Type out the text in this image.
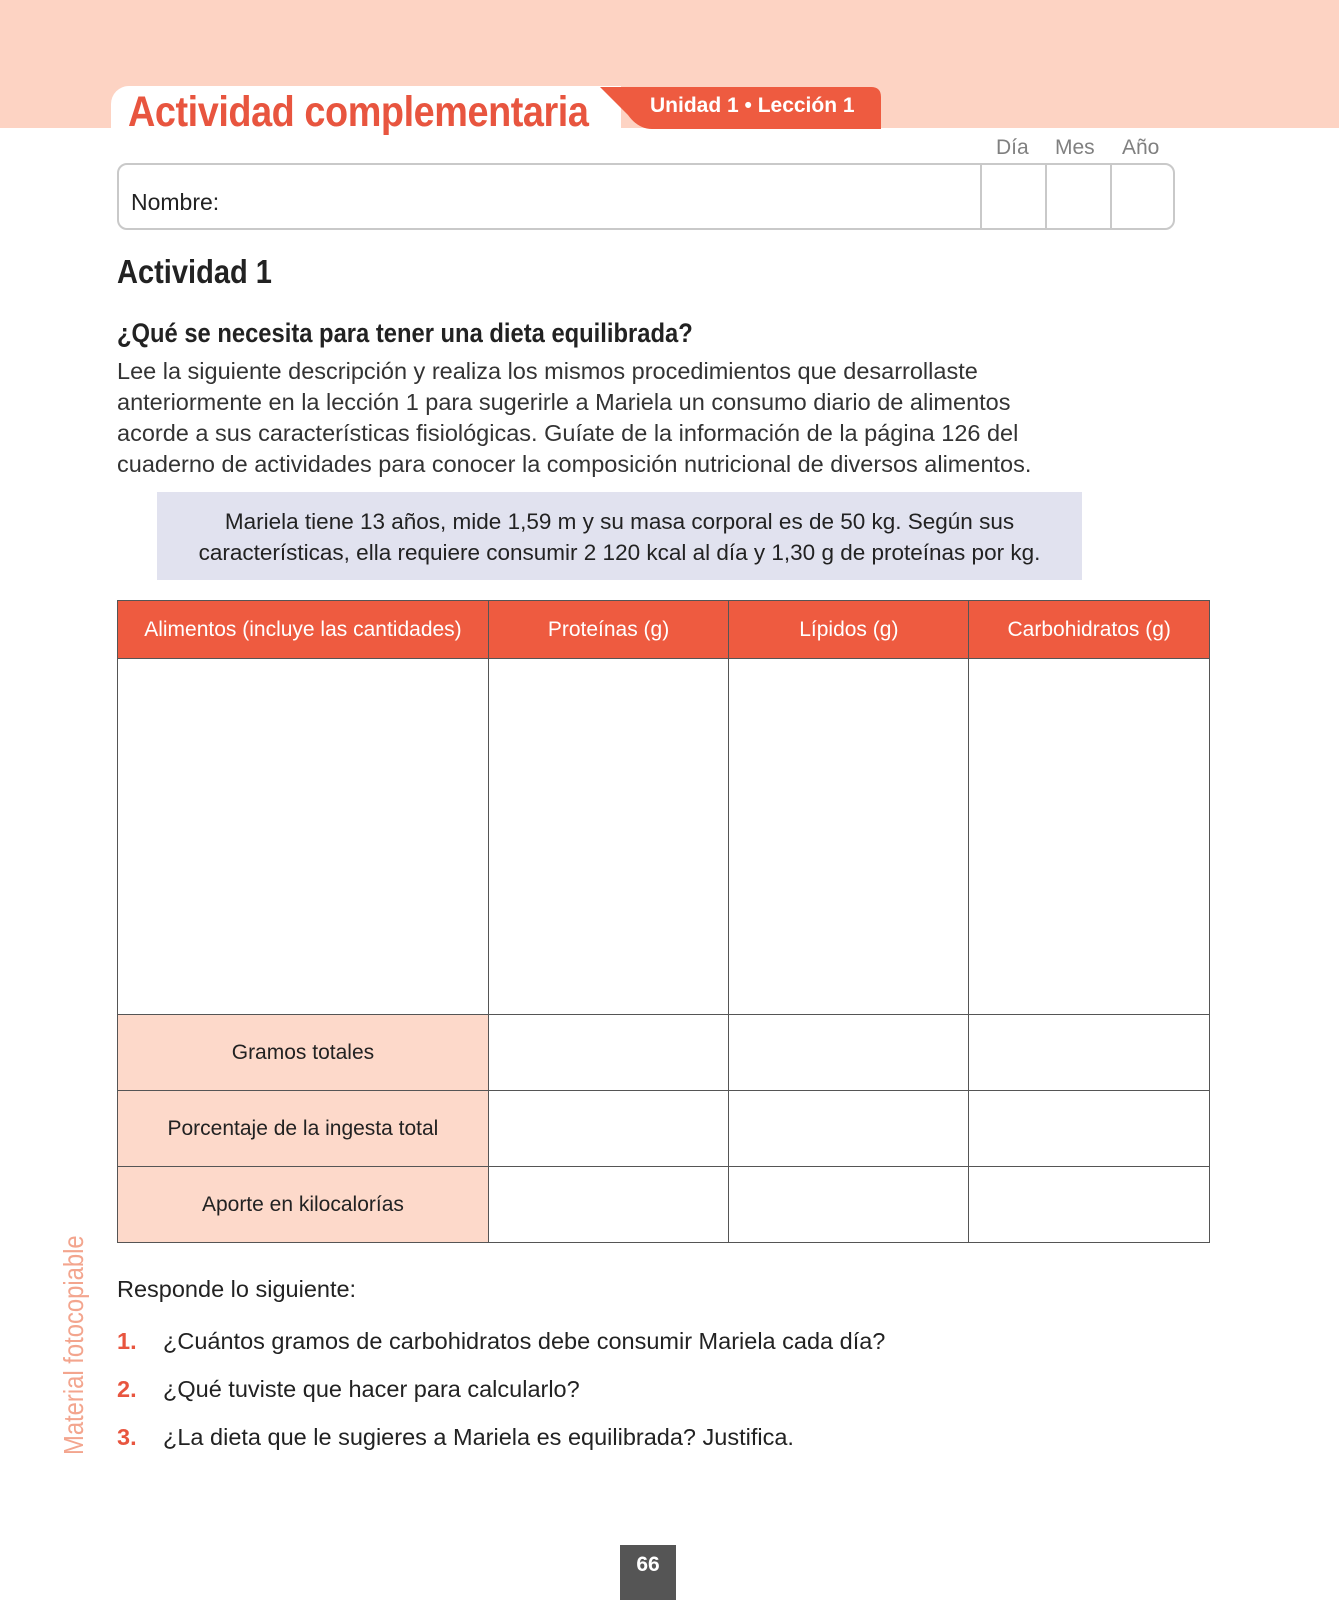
Actividad complementaria	Unidad 1 • Lección 1
Día Mes Año
Nombre:
Actividad 1
¿Qué se necesita para tener una dieta equilibrada?
Lee la siguiente descripción y realiza los mismos procedimientos que desarrollaste
anteriormente en la lección 1 para sugerirle a Mariela un consumo diario de alimentos
acorde a sus características fisiológicas. Guíate de la información de la página 126 del
cuaderno de actividades para conocer la composición nutricional de diversos alimentos.
Mariela tiene 13 años, mide 1,59 m y su masa corporal es de 50 kg. Según sus
características, ella requiere consumir 2 120 kcal al día y 1,30 g de proteínas por kg.
Alimentos (incluye las cantidades)	Proteínas (g)	Lípidos (g)	Carbohidratos (g)

Gramos totales			
Porcentaje de la ingesta total			
Aporte en kilocalorías			
Responde lo siguiente:
1. ¿Cuántos gramos de carbohidratos debe consumir Mariela cada día?
2. ¿Qué tuviste que hacer para calcularlo?
3. ¿La dieta que le sugieres a Mariela es equilibrada? Justifica.
Material fotocopiable
66
